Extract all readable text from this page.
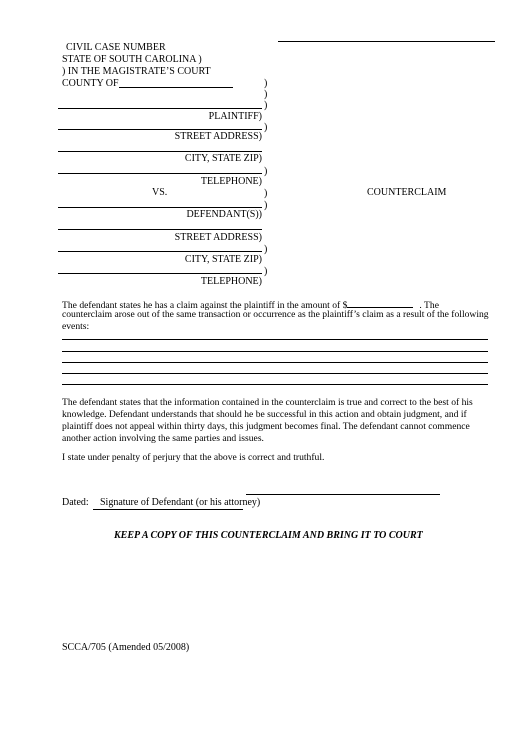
CIVIL CASE NUMBER
STATE OF SOUTH CAROLINA )
) IN THE MAGISTRATE’S COURT
COUNTY OF	)
)
)
)
)
)
)
)
)
PLAINTIFF)
STREET ADDRESS)
CITY, STATE ZIP)
TELEPHONE)
VS.	COUNTERCLAIM
DEFENDANT(S))
STREET ADDRESS)
CITY, STATE ZIP)
TELEPHONE)
The defendant states he has a claim against the plaintiff in the amount of $	. The
counterclaim arose out of the same transaction or occurrence as the plaintiff’s claim as a result of the following events:
The defendant states that the information contained in the counterclaim is true and correct to the best of his knowledge. Defendant understands that should he be successful in this action and obtain judgment, and if plaintiff does not appeal within thirty days, this judgment becomes final. The defendant cannot commence another action involving the same parties and issues.
I state under penalty of perjury that the above is correct and truthful.
Dated: Signature of Defendant (or his attorney)
KEEP A COPY OF THIS COUNTERCLAIM AND BRING IT TO COURT
SCCA/705 (Amended 05/2008)
